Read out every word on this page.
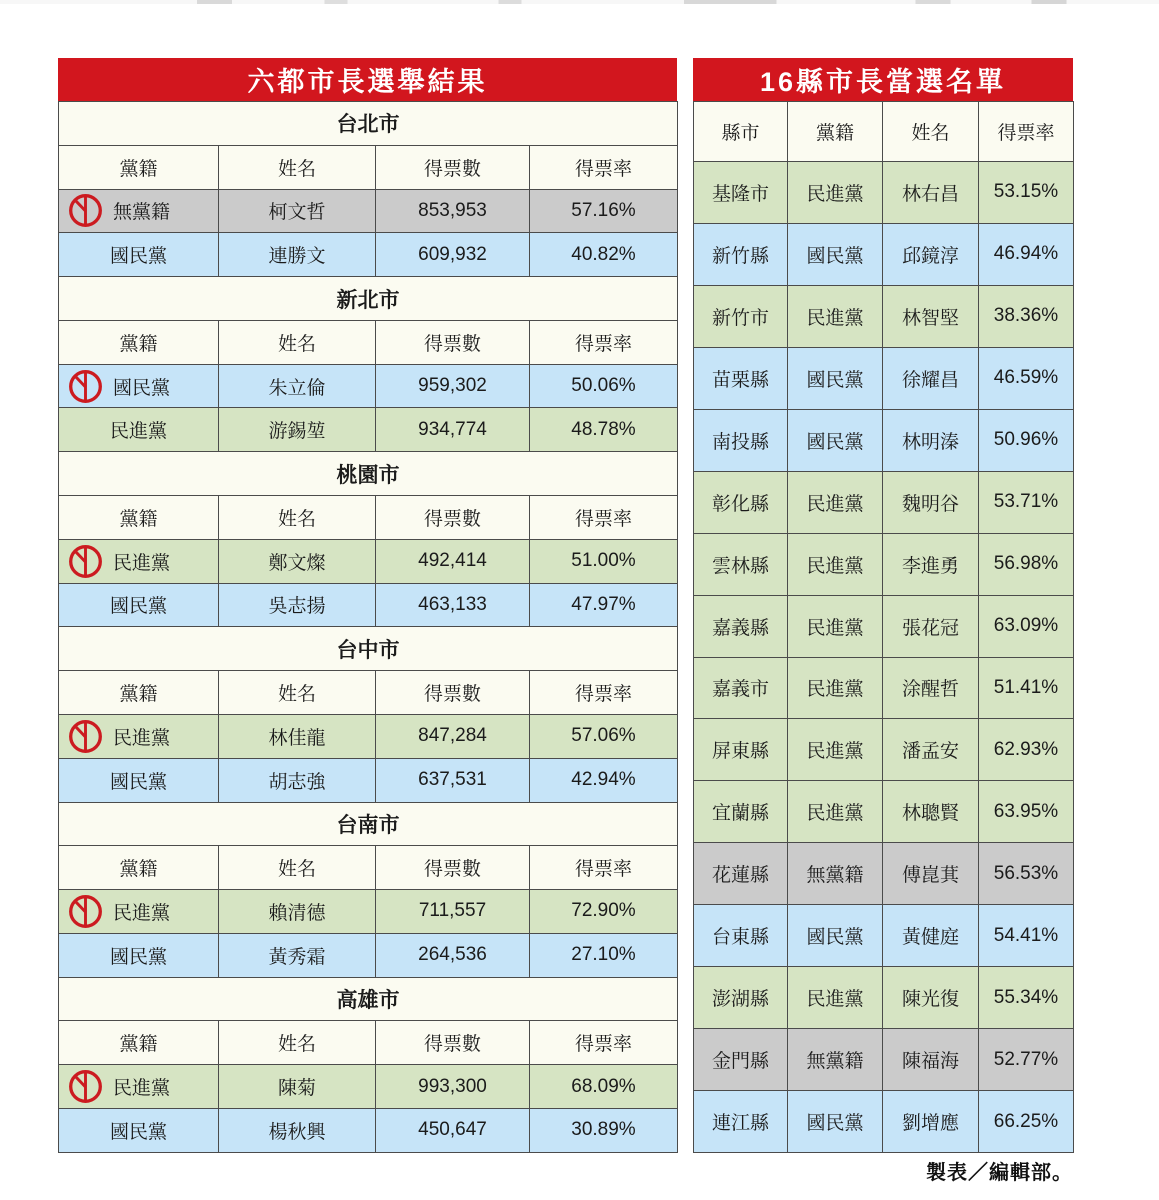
六都市長選舉結果
台北市			
黨籍	姓名	得票數	得票率

無黨籍	柯文哲	853,953	57.16%

國民黨	連勝文	609,932	40.82%
新北市			
黨籍	姓名	得票數	得票率

國民黨	朱立倫	959,302	50.06%

民進黨	游錫堃	934,774	48.78%
桃園市			
黨籍	姓名	得票數	得票率

民進黨	鄭文燦	492,414	51.00%

國民黨	吳志揚	463,133	47.97%
台中市			
黨籍	姓名	得票數	得票率

民進黨	林佳龍	847,284	57.06%

國民黨	胡志強	637,531	42.94%
台南市			
黨籍	姓名	得票數	得票率

民進黨	賴清德	711,557	72.90%

國民黨	黃秀霜	264,536	27.10%
高雄市			
黨籍	姓名	得票數	得票率

民進黨	陳菊	993,300	68.09%

國民黨	楊秋興	450,647	30.89%
16縣市長當選名單
縣市	黨籍	姓名	得票率
基隆市	民進黨	林右昌	53.15%
新竹縣	國民黨	邱鏡淳	46.94%
新竹市	民進黨	林智堅	38.36%
苗栗縣	國民黨	徐耀昌	46.59%
南投縣	國民黨	林明溱	50.96%
彰化縣	民進黨	魏明谷	53.71%
雲林縣	民進黨	李進勇	56.98%
嘉義縣	民進黨	張花冠	63.09%
嘉義市	民進黨	涂醒哲	51.41%
屏東縣	民進黨	潘孟安	62.93%
宜蘭縣	民進黨	林聰賢	63.95%
花蓮縣	無黨籍	傅崑萁	56.53%
台東縣	國民黨	黃健庭	54.41%
澎湖縣	民進黨	陳光復	55.34%
金門縣	無黨籍	陳福海	52.77%
連江縣	國民黨	劉增應	66.25%
製表／編輯部。
